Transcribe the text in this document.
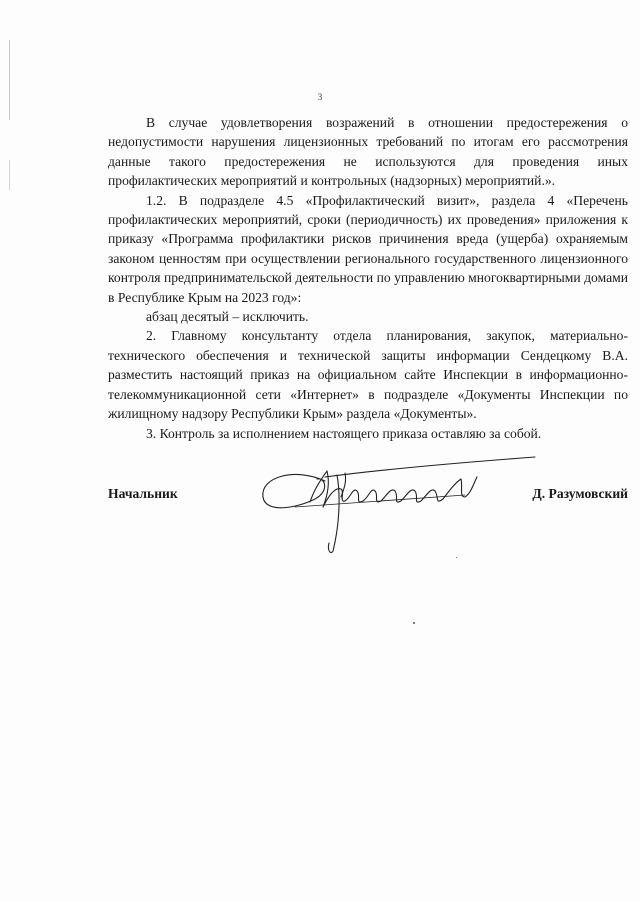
3

В случае удовлетворения возражений в отношении предостережения о недопустимости нарушения лицензионных требований по итогам его рассмотрения данные такого предостережения не используются для проведения иных профилактических мероприятий и контрольных (надзорных) мероприятий.».

1.2. В подразделе 4.5 «Профилактический визит», раздела 4 «Перечень профилактических мероприятий, сроки (периодичность) их проведения» приложения к приказу «Программа профилактики рисков причинения вреда (ущерба) охраняемым законом ценностям при осуществлении регионального государственного лицензионного контроля предпринимательской деятельности по управлению многоквартирными домами в Республике Крым на 2023 год»:

абзац десятый – исключить.

2. Главному консультанту отдела планирования, закупок, материально-технического обеспечения и технической защиты информации Сендецкому В.А. разместить настоящий приказ на официальном сайте Инспекции в информационно-телекоммуникационной сети «Интернет» в подразделе «Документы Инспекции по жилищному надзору Республики Крым» раздела «Документы».

3. Контроль за исполнением настоящего приказа оставляю за собой.

Начальник	Д. Разумовский
